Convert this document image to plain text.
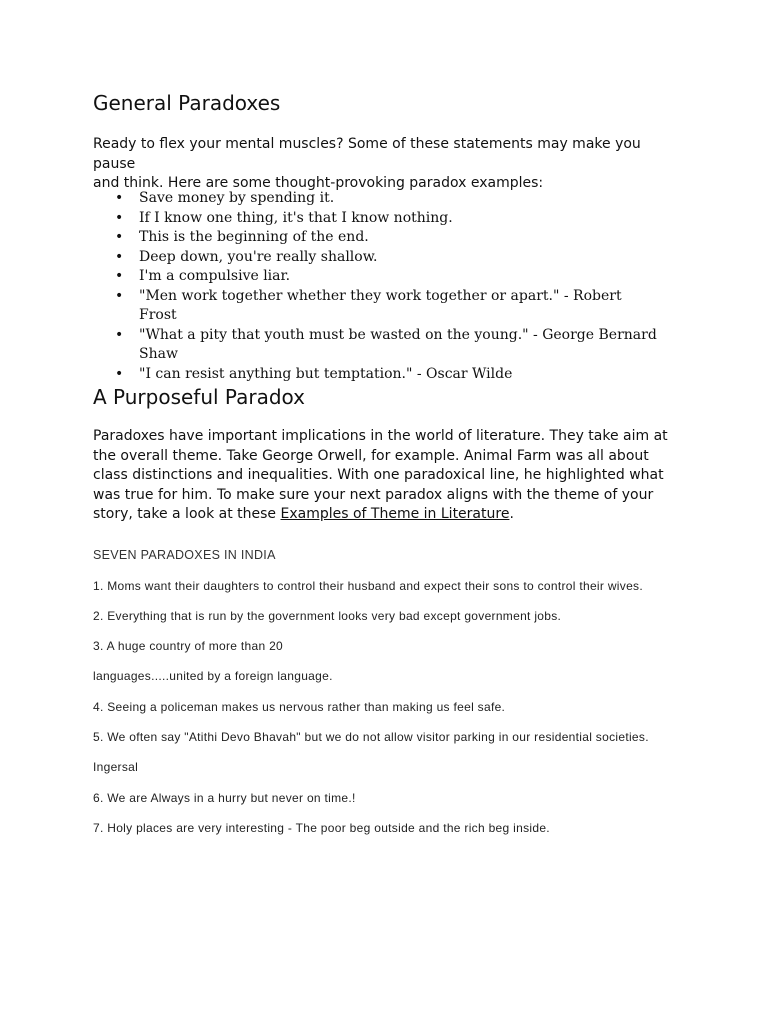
General Paradoxes

Ready to flex your mental muscles? Some of these statements may make you pause
and think. Here are some thought-provoking paradox examples:

• Save money by spending it.
• If I know one thing, it's that I know nothing.
• This is the beginning of the end.
• Deep down, you're really shallow.
• I'm a compulsive liar.
• "Men work together whether they work together or apart." - Robert Frost
• "What a pity that youth must be wasted on the young." - George Bernard Shaw
• "I can resist anything but temptation." - Oscar Wilde
A Purposeful Paradox

Paradoxes have important implications in the world of literature. They take aim at the overall theme. Take George Orwell, for example. Animal Farm was all about class distinctions and inequalities. With one paradoxical line, he highlighted what was true for him. To make sure your next paradox aligns with the theme of your story, take a look at these Examples of Theme in Literature.

SEVEN PARADOXES IN INDIA

1. Moms want their daughters to control their husband and expect their sons to control their wives.

2. Everything that is run by the government looks very bad except government jobs.

3. A huge country of more than 20

languages.....united by a foreign language.

4. Seeing a policeman makes us nervous rather than making us feel safe.

5. We often say "Atithi Devo Bhavah" but we do not allow visitor parking in our residential societies.

Ingersal

6. We are Always in a hurry but never on time.!

7. Holy places are very interesting - The poor beg outside and the rich beg inside.
